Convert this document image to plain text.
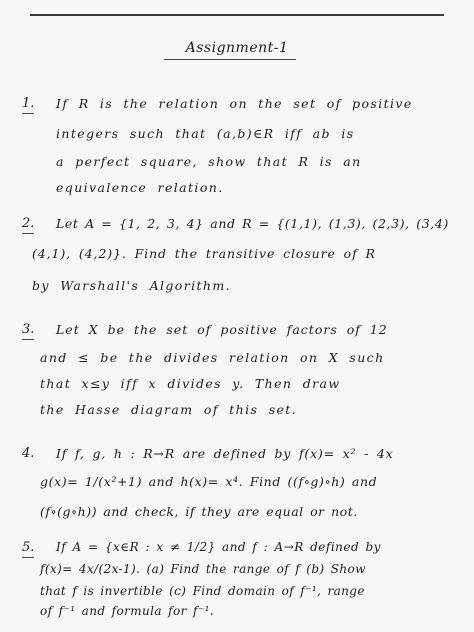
Assignment-1
1. If R is the relation on the set of positive
integers such that (a,b)∈R iff ab is
a perfect square, show that R is an
equivalence relation.
2. Let A = {1, 2, 3, 4} and R = {(1,1), (1,3), (2,3), (3,4)
(4,1), (4,2)}. Find the transitive closure of R
by Warshall's Algorithm.
3. Let X be the set of positive factors of 12
and ≤ be the divides relation on X such
that x≤y iff x divides y. Then draw
the Hasse diagram of this set.
4. If f, g, h : R→R are defined by f(x)= x² - 4x
g(x)= 1/(x²+1) and h(x)= x⁴. Find ((f∘g)∘h) and
(f∘(g∘h)) and check, if they are equal or not.
5. If A = {x∈R : x ≠ 1/2} and f : A→R defined by
f(x)= 4x/(2x-1). (a) Find the range of f (b) Show
that f is invertible (c) Find domain of f⁻¹, range
of f⁻¹ and formula for f⁻¹.
